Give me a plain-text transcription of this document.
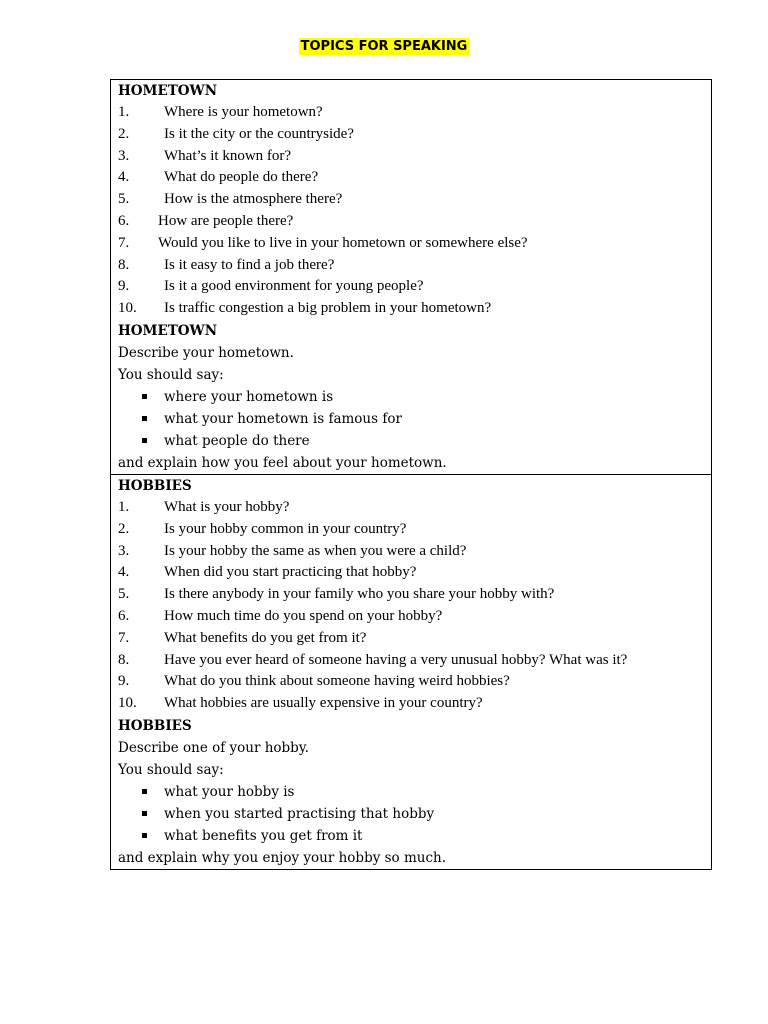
TOPICS FOR SPEAKING
HOMETOWN
1. Where is your hometown?
2. Is it the city or the countryside?
3. What’s it known for?
4. What do people do there?
5. How is the atmosphere there?
6. How are people there?
7. Would you like to live in your hometown or somewhere else?
8. Is it easy to find a job there?
9. Is it a good environment for young people?
10. Is traffic congestion a big problem in your hometown?
HOMETOWN
Describe your hometown.
You should say:
where your hometown is
what your hometown is famous for
what people do there
and explain how you feel about your hometown.
HOBBIES
1. What is your hobby?
2. Is your hobby common in your country?
3. Is your hobby the same as when you were a child?
4. When did you start practicing that hobby?
5. Is there anybody in your family who you share your hobby with?
6. How much time do you spend on your hobby?
7. What benefits do you get from it?
8. Have you ever heard of someone having a very unusual hobby? What was it?
9. What do you think about someone having weird hobbies?
10. What hobbies are usually expensive in your country?
HOBBIES
Describe one of your hobby.
You should say:
what your hobby is
when you started practising that hobby
what benefits you get from it
and explain why you enjoy your hobby so much.
